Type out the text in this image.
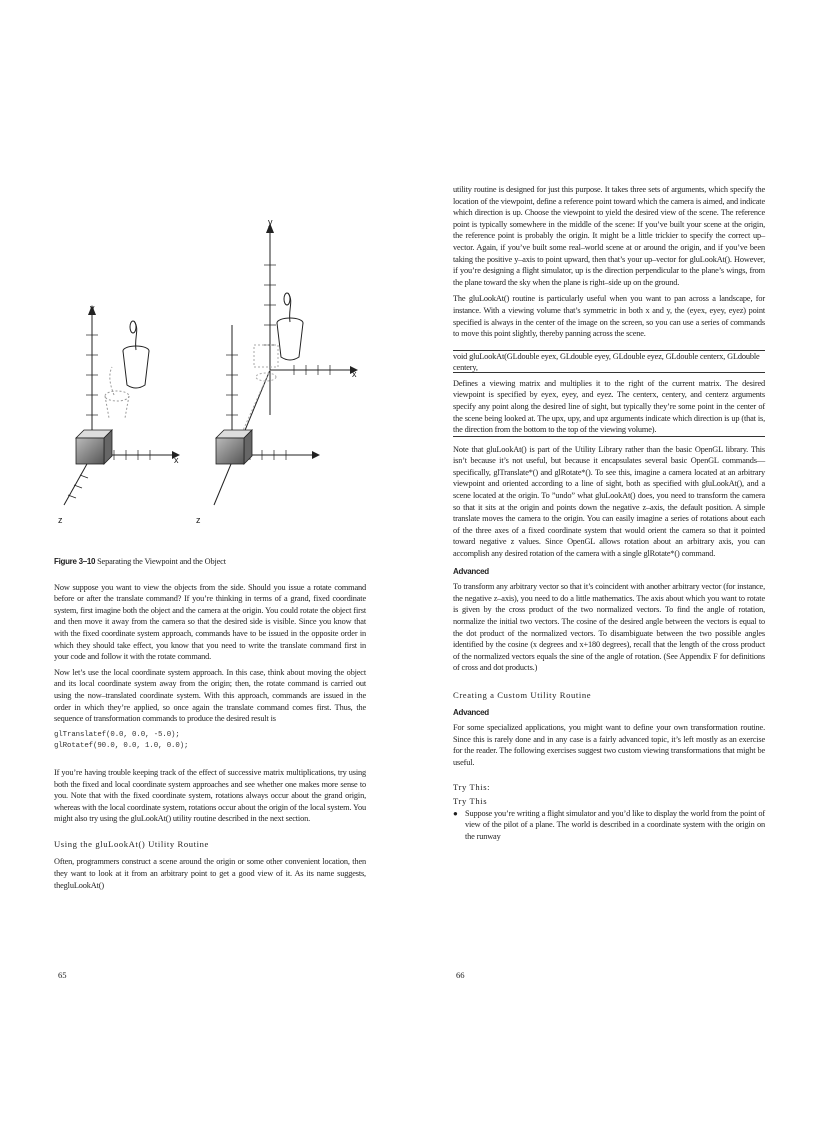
y
x
z
y
x
z

Figure 3–10 Separating the Viewpoint and the Object

Now suppose you want to view the objects from the side. Should you issue a rotate command before or after the translate command? If you’re thinking in terms of a grand, fixed coordinate system, first imagine both the object and the camera at the origin. You could rotate the object first and then move it away from the camera so that the desired side is visible. Since you know that with the fixed coordinate system approach, commands have to be issued in the opposite order in which they should take effect, you know that you need to write the translate command first in your code and follow it with the rotate command.

Now let’s use the local coordinate system approach. In this case, think about moving the object and its local coordinate system away from the origin; then, the rotate command is carried out using the now–translated coordinate system. With this approach, commands are issued in the order in which they’re applied, so once again the translate command comes first. Thus, the sequence of transformation commands to produce the desired result is

glTranslatef(0.0, 0.0, -5.0);
glRotatef(90.0, 0.0, 1.0, 0.0);

If you’re having trouble keeping track of the effect of successive matrix multiplications, try using both the fixed and local coordinate system approaches and see whether one makes more sense to you. Note that with the fixed coordinate system, rotations always occur about the grand origin, whereas with the local coordinate system, rotations occur about the origin of the local system. You might also try using the gluLookAt() utility routine described in the next section.

Using the gluLookAt() Utility Routine

Often, programmers construct a scene around the origin or some other convenient location, then they want to look at it from an arbitrary point to get a good view of it. As its name suggests, thegluLookAt()

65

utility routine is designed for just this purpose. It takes three sets of arguments, which specify the location of the viewpoint, define a reference point toward which the camera is aimed, and indicate which direction is up. Choose the viewpoint to yield the desired view of the scene. The reference point is typically somewhere in the middle of the scene: If you’ve built your scene at the origin, the reference point is probably the origin. It might be a little trickier to specify the correct up–vector. Again, if you’ve built some real–world scene at or around the origin, and if you’ve been taking the positive y–axis to point upward, then that’s your up–vector for gluLookAt(). However, if you’re designing a flight simulator, up is the direction perpendicular to the plane’s wings, from the plane toward the sky when the plane is right–side up on the ground.

The gluLookAt() routine is particularly useful when you want to pan across a landscape, for instance. With a viewing volume that’s symmetric in both x and y, the (eyex, eyey, eyez) point specified is always in the center of the image on the screen, so you can use a series of commands to move this point slightly, thereby panning across the scene.

void gluLookAt(GLdouble eyex, GLdouble eyey, GLdouble eyez, GLdouble centerx, GLdouble centery,

Defines a viewing matrix and multiplies it to the right of the current matrix. The desired viewpoint is specified by eyex, eyey, and eyez. The centerx, centery, and centerz arguments specify any point along the desired line of sight, but typically they’re some point in the center of the scene being looked at. The upx, upy, and upz arguments indicate which direction is up (that is, the direction from the bottom to the top of the viewing volume).

Note that gluLookAt() is part of the Utility Library rather than the basic OpenGL library. This isn’t because it’s not useful, but because it encapsulates several basic OpenGL commands—specifically, glTranslate*() and glRotate*(). To see this, imagine a camera located at an arbitrary viewpoint and oriented according to a line of sight, both as specified with gluLookAt(), and a scene located at the origin. To ”undo” what gluLookAt() does, you need to transform the camera so that it sits at the origin and points down the negative z–axis, the default position. A simple translate moves the camera to the origin. You can easily imagine a series of rotations about each of the three axes of a fixed coordinate system that would orient the camera so that it pointed toward negative z values. Since OpenGL allows rotation about an arbitrary axis, you can accomplish any desired rotation of the camera with a single glRotate*() command.

Advanced

To transform any arbitrary vector so that it’s coincident with another arbitrary vector (for instance, the negative z–axis), you need to do a little mathematics. The axis about which you want to rotate is given by the cross product of the two normalized vectors. To find the angle of rotation, normalize the initial two vectors. The cosine of the desired angle between the vectors is equal to the dot product of the normalized vectors. To disambiguate between the two possible angles identified by the cosine (x degrees and x+180 degrees), recall that the length of the cross product of the normalized vectors equals the sine of the angle of rotation. (See Appendix F for definitions of cross and dot products.)

Creating a Custom Utility Routine
Advanced

For some specialized applications, you might want to define your own transformation routine. Since this is rarely done and in any case is a fairly advanced topic, it’s left mostly as an exercise for the reader. The following exercises suggest two custom viewing transformations that might be useful.

Try This:
Try This

● Suppose you’re writing a flight simulator and you’d like to display the world from the point of view of the pilot of a plane. The world is described in a coordinate system with the origin on the runway

66
